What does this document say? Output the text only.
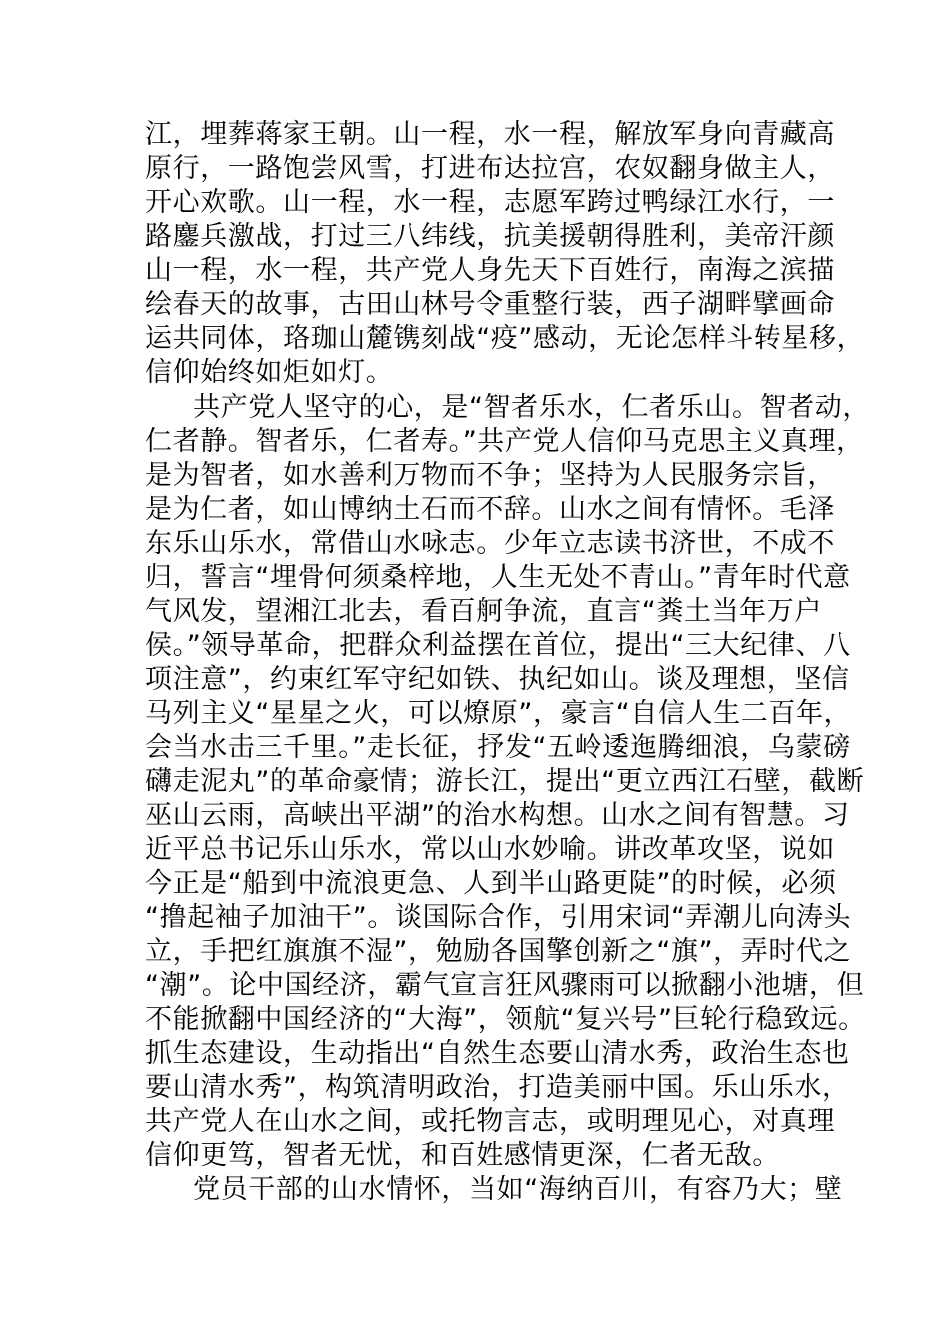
江，埋葬蒋家王朝。山一程，水一程，解放军身向青藏高

原行，一路饱尝风雪，打进布达拉宫，农奴翻身做主人，

开心欢歌。山一程，水一程，志愿军跨过鸭绿江水行，一

路鏖兵激战，打过三八纬线，抗美援朝得胜利，美帝汗颜

山一程，水一程，共产党人身先天下百姓行，南海之滨描

绘春天的故事，古田山林号令重整行装，西子湖畔擘画命

运共同体，珞珈山麓镌刻战“疫”感动，无论怎样斗转星移，

信仰始终如炬如灯。

共产党人坚守的心，是“智者乐水，仁者乐山。智者动，

仁者静。智者乐，仁者寿。”共产党人信仰马克思主义真理，

是为智者，如水善利万物而不争；坚持为人民服务宗旨，

是为仁者，如山博纳土石而不辞。山水之间有情怀。毛泽

东乐山乐水，常借山水咏志。少年立志读书济世，不成不

归，誓言“埋骨何须桑梓地，人生无处不青山。”青年时代意

气风发，望湘江北去，看百舸争流，直言“粪土当年万户

侯。”领导革命，把群众利益摆在首位，提出“三大纪律、八

项注意”，约束红军守纪如铁、执纪如山。谈及理想，坚信

马列主义“星星之火，可以燎原”，豪言“自信人生二百年，

会当水击三千里。”走长征，抒发“五岭逶迤腾细浪，乌蒙磅

礴走泥丸”的革命豪情；游长江，提出“更立西江石壁，截断

巫山云雨，高峡出平湖”的治水构想。山水之间有智慧。习

近平总书记乐山乐水，常以山水妙喻。讲改革攻坚，说如

今正是“船到中流浪更急、人到半山路更陡”的时候，必须

“撸起袖子加油干”。谈国际合作，引用宋词“弄潮儿向涛头

立，手把红旗旗不湿”，勉励各国擎创新之“旗”，弄时代之

“潮”。论中国经济，霸气宣言狂风骤雨可以掀翻小池塘，但

不能掀翻中国经济的“大海”，领航“复兴号”巨轮行稳致远。

抓生态建设，生动指出“自然生态要山清水秀，政治生态也

要山清水秀”，构筑清明政治，打造美丽中国。乐山乐水，

共产党人在山水之间，或托物言志，或明理见心，对真理

信仰更笃，智者无忧，和百姓感情更深，仁者无敌。

党员干部的山水情怀，当如“海纳百川，有容乃大；壁
